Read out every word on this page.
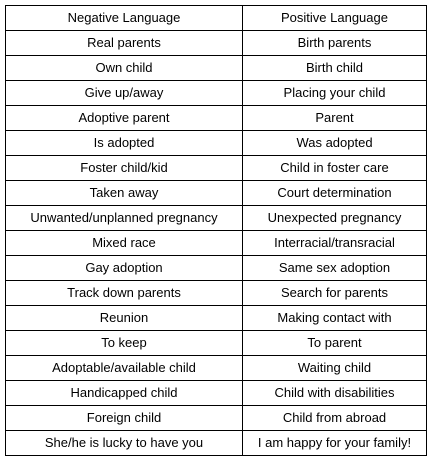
Negative Language	Positive Language
Real parents	Birth parents
Own child	Birth child
Give up/away	Placing your child
Adoptive parent	Parent
Is adopted	Was adopted
Foster child/kid	Child in foster care
Taken away	Court determination
Unwanted/unplanned pregnancy	Unexpected pregnancy
Mixed race	Interracial/transracial
Gay adoption	Same sex adoption
Track down parents	Search for parents
Reunion	Making contact with
To keep	To parent
Adoptable/available child	Waiting child
Handicapped child	Child with disabilities
Foreign child	Child from abroad
She/he is lucky to have you	I am happy for your family!
